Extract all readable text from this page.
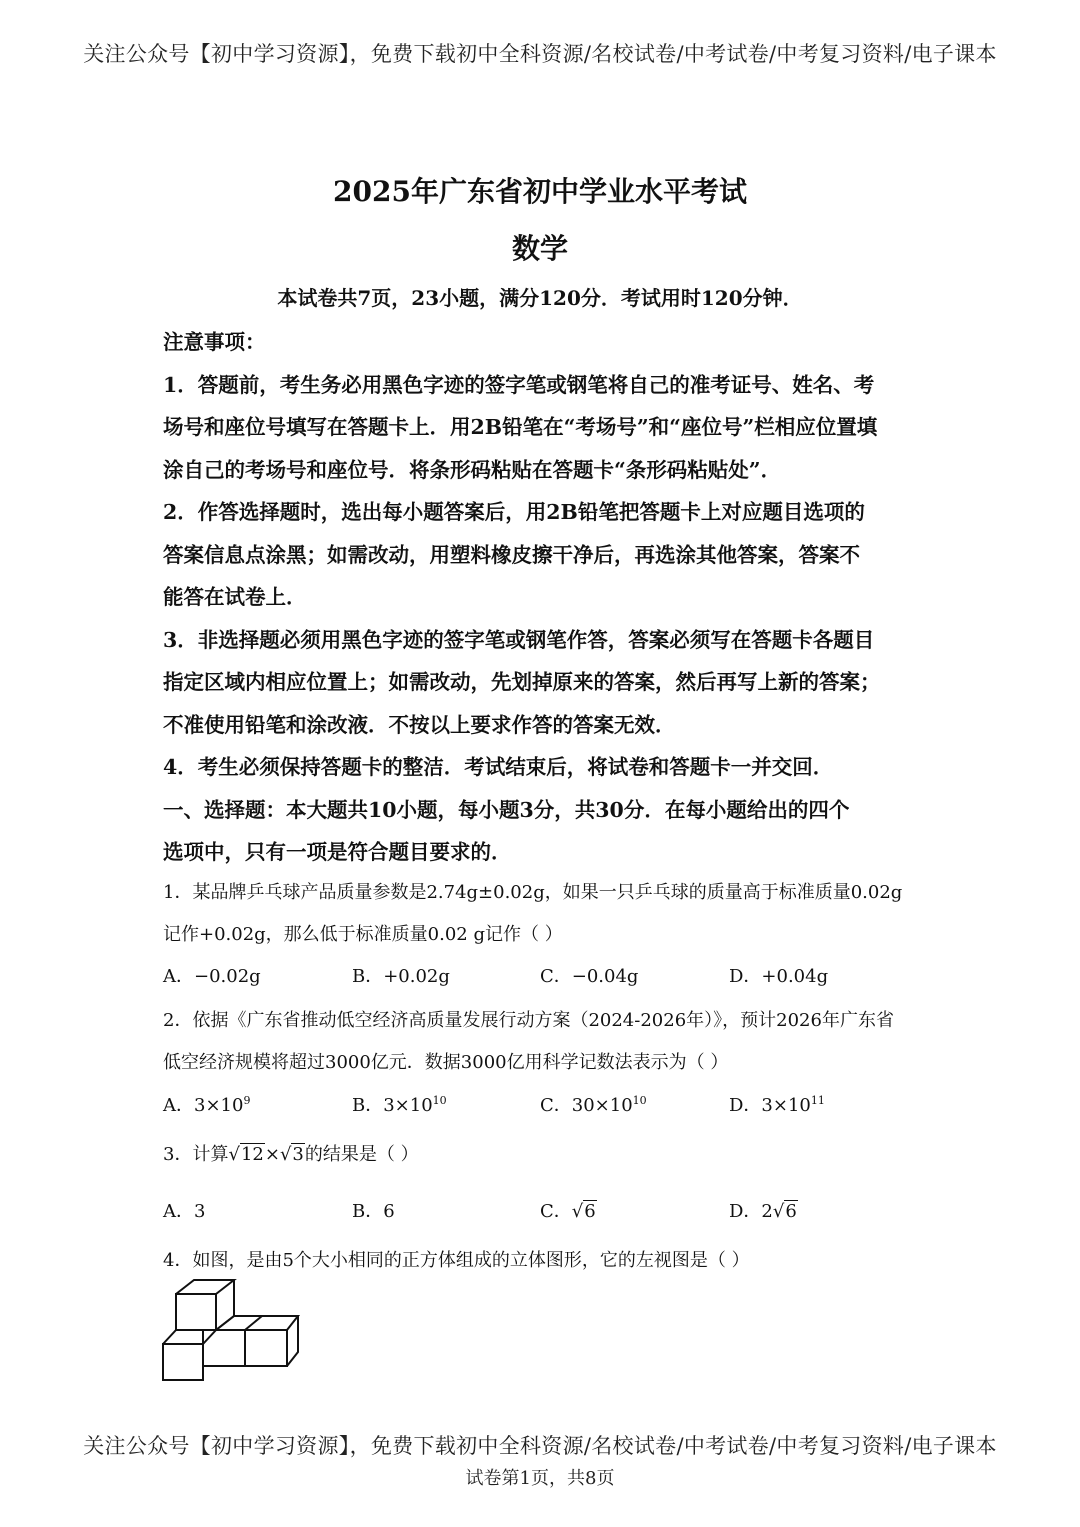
关注公众号【初中学习资源】，免费下载初中全科资源/名校试卷/中考试卷/中考复习资料/电子课本
2025年广东省初中学业水平考试
数学
本试卷共7页，23小题，满分120分．考试用时120分钟．
注意事项：
1．答题前，考生务必用黑色字迹的签字笔或钢笔将自己的准考证号、姓名、考
场号和座位号填写在答题卡上．用2B铅笔在“考场号”和“座位号”栏相应位置填
涂自己的考场号和座位号．将条形码粘贴在答题卡“条形码粘贴处”．
2．作答选择题时，选出每小题答案后，用2B铅笔把答题卡上对应题目选项的
答案信息点涂黑；如需改动，用塑料橡皮擦干净后，再选涂其他答案，答案不
能答在试卷上．
3．非选择题必须用黑色字迹的签字笔或钢笔作答，答案必须写在答题卡各题目
指定区域内相应位置上；如需改动，先划掉原来的答案，然后再写上新的答案；
不准使用铅笔和涂改液．不按以上要求作答的答案无效．
4．考生必须保持答题卡的整洁．考试结束后，将试卷和答题卡一并交回．
一、选择题：本大题共10小题，每小题3分，共30分．在每小题给出的四个
选项中，只有一项是符合题目要求的．
1．某品牌乒乓球产品质量参数是2.74g±0.02g，如果一只乒乓球的质量高于标准质量0.02g
记作+0.02g，那么低于标准质量0.02 g记作（ ）
A．−0.02g	B．+0.02g	C．−0.04g	D．+0.04g
2．依据《广东省推动低空经济高质量发展行动方案（2024-2026年）》，预计2026年广东省
低空经济规模将超过3000亿元．数据3000亿用科学记数法表示为（ ）
A．$3\times 10^9$	B．$3\times 10^{10}$	C．$30\times 10^{10}$	D．$3\times 10^{11}$
3．计算√12×√3的结果是（ ）
A．3	B．6	C．√6	D．2√6
4．如图，是由5个大小相同的正方体组成的立体图形，它的左视图是（ ）
关注公众号【初中学习资源】，免费下载初中全科资源/名校试卷/中考试卷/中考复习资料/电子课本
试卷第1页，共8页
